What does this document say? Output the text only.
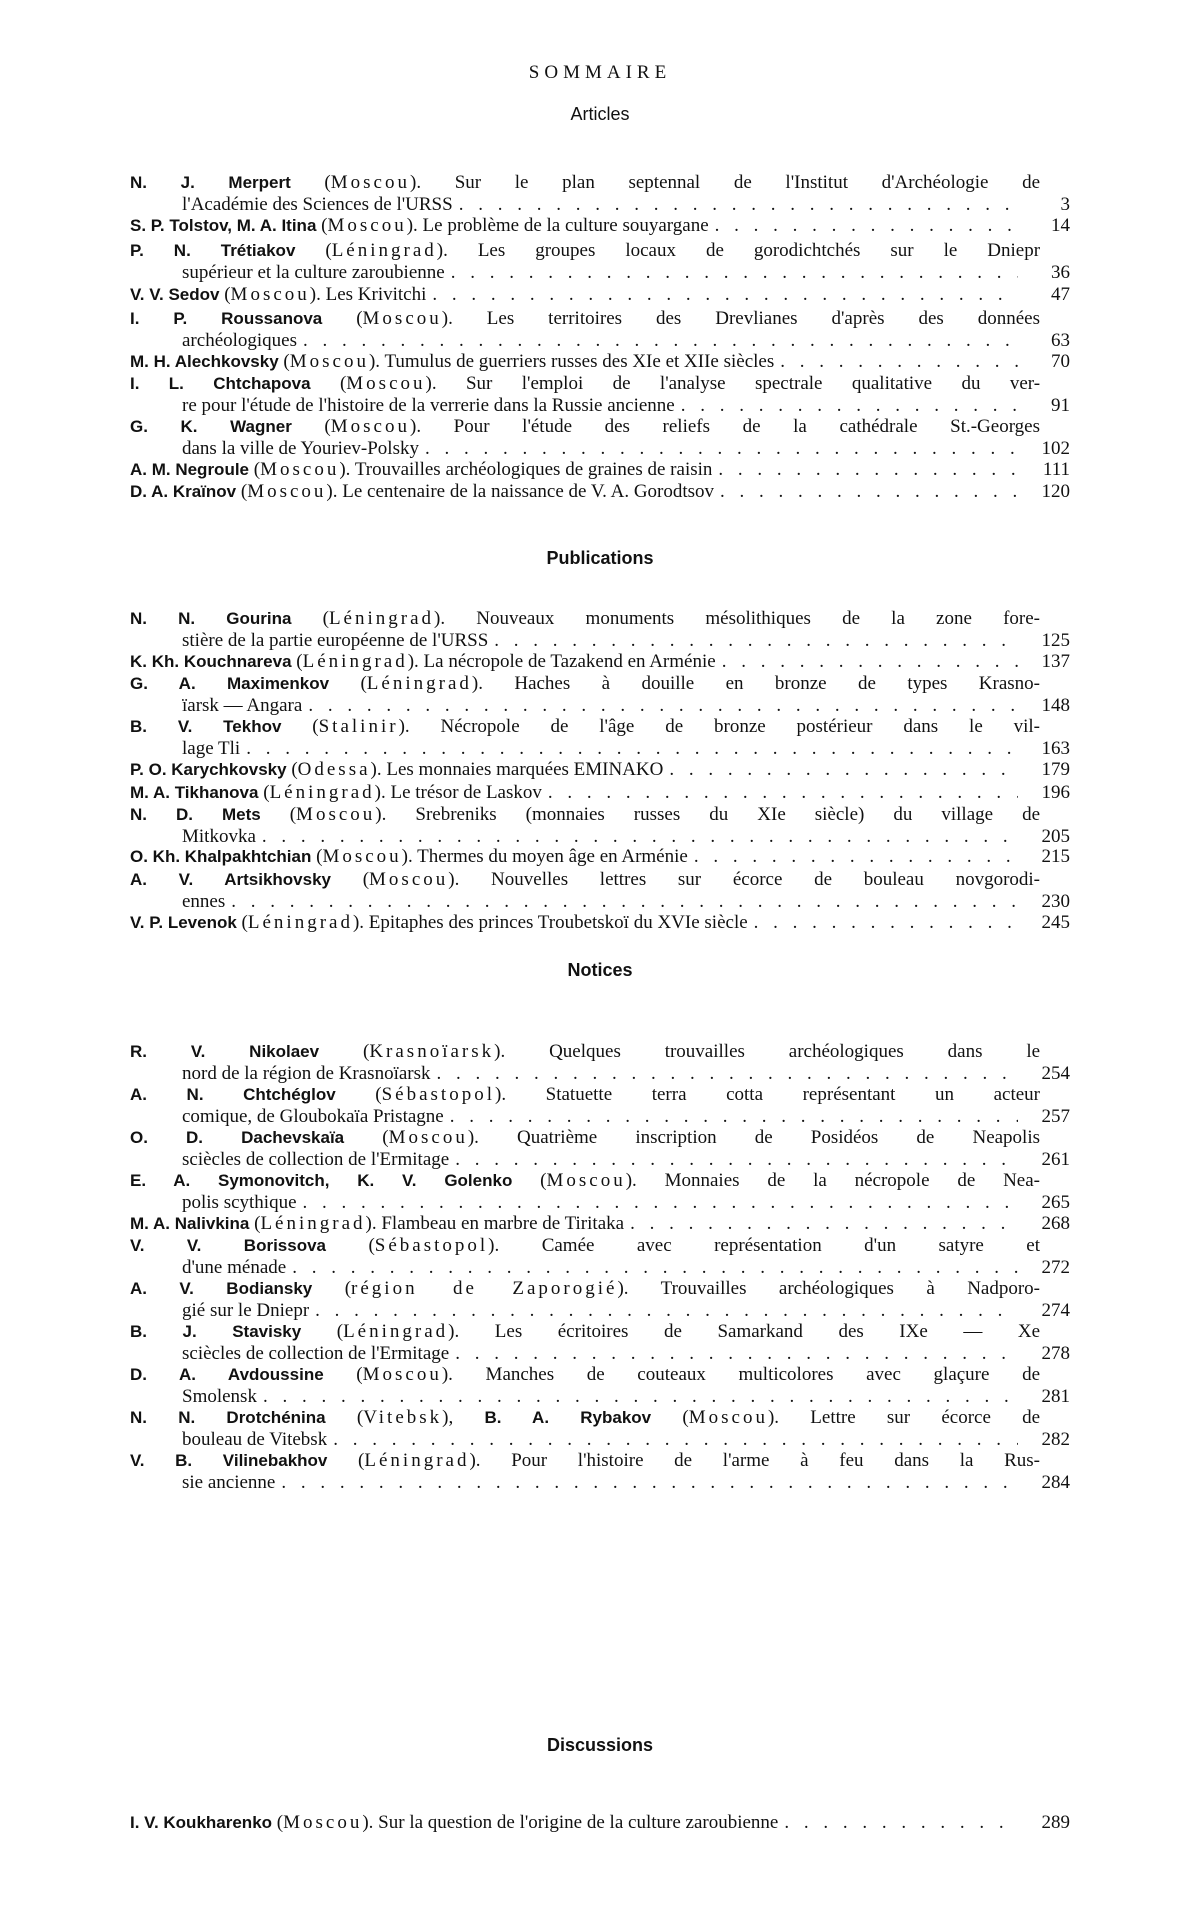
SOMMAIRE
Articles
N. J. Merpert (Moscou). Sur le plan septennal de l'Institut d'Archéologie de
l'Académie des Sciences de l'URSS . . .	3
S. P. Tolstov, M. A. Itina (Moscou). Le problème de la culture souyargane . . .	14
P. N. Trétiakov (Léningrad). Les groupes locaux de gorodichtchés sur le Dniepr
supérieur et la culture zaroubienne . . .	36
V. V. Sedov (Moscou). Les Krivitchi . . .	47
I. P. Roussanova (Moscou). Les territoires des Drevlianes d'après des données
archéologiques . . .	63
M. H. Alechkovsky (Moscou). Tumulus de guerriers russes des XIe et XIIe siècles . . .	70
I. L. Chtchapova (Moscou). Sur l'emploi de l'analyse spectrale qualitative du ver-
re pour l'étude de l'histoire de la verrerie dans la Russie ancienne . . .	91
G. K. Wagner (Moscou). Pour l'étude des reliefs de la cathédrale St.-Georges
dans la ville de Youriev-Polsky . . .	102
A. M. Negroule (Moscou). Trouvailles archéologiques de graines de raisin . . .	111
D. A. Kraïnov (Moscou). Le centenaire de la naissance de V. A. Gorodtsov . . .	120
Publications
N. N. Gourina (Léningrad). Nouveaux monuments mésolithiques de la zone fore-
stière de la partie européenne de l'URSS . . .	125
K. Kh. Kouchnareva (Léningrad). La nécropole de Tazakend en Arménie . . .	137
G. A. Maximenkov (Léningrad). Haches à douille en bronze de types Krasno-
ïarsk — Angara . . .	148
B. V. Tekhov (Stalinir). Nécropole de l'âge de bronze postérieur dans le vil-
lage Tli . . .	163
P. O. Karychkovsky (Odessa). Les monnaies marquées EMINAKO . . .	179
M. A. Tikhanova (Léningrad). Le trésor de Laskov . . .	196
N. D. Mets (Moscou). Srebreniks (monnaies russes du XIe siècle) du village de
Mitkovka . . .	205
O. Kh. Khalpakhtchian (Moscou). Thermes du moyen âge en Arménie . . .	215
A. V. Artsikhovsky (Moscou). Nouvelles lettres sur écorce de bouleau novgorodi-
ennes . . .	230
V. P. Levenok (Léningrad). Epitaphes des princes Troubetskoï du XVIe siècle . . .	245
Notices
R. V. Nikolaev (Krasnoïarsk). Quelques trouvailles archéologiques dans le
nord de la région de Krasnoïarsk . . .	254
A. N. Chtchéglov (Sébastopol). Statuette terra cotta représentant un acteur
comique, de Gloubokaïa Pristagne . . .	257
O. D. Dachevskaïa (Moscou). Quatrième inscription de Posidéos de Neapolis
sciècles de collection de l'Ermitage . . .	261
E. A. Symonovitch, K. V. Golenko (Moscou). Monnaies de la nécropole de Nea-
polis scythique . . .	265
M. A. Nalivkina (Léningrad). Flambeau en marbre de Tiritaka . . .	268
V. V. Borissova (Sébastopol). Camée avec représentation d'un satyre et
d'une ménade . . .	272
A. V. Bodiansky (région de Zaporogié). Trouvailles archéologiques à Nadporo-
gié sur le Dniepr . . .	274
B. J. Stavisky (Léningrad). Les écritoires de Samarkand des IXe — Xe
sciècles de collection de l'Ermitage . . .	278
D. A. Avdoussine (Moscou). Manches de couteaux multicolores avec glaçure de
Smolensk . . .	281
N. N. Drotchénina (Vitebsk), B. A. Rybakov (Moscou). Lettre sur écorce de
bouleau de Vitebsk . . .	282
V. B. Vilinebakhov (Léningrad). Pour l'histoire de l'arme à feu dans la Rus-
sie ancienne . . .	284
Discussions
I. V. Koukharenko (Moscou). Sur la question de l'origine de la culture zaroubienne . . .	289
